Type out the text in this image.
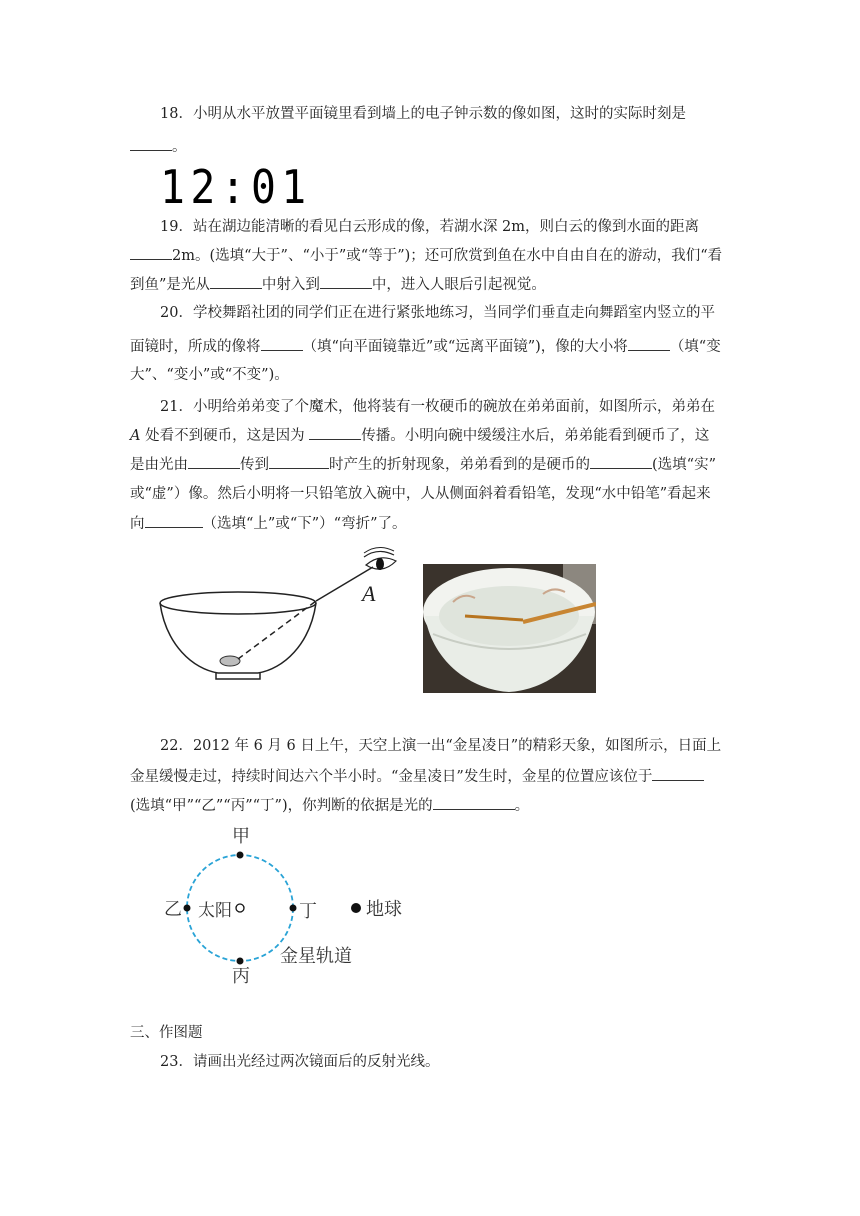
18．小明从水平放置平面镜里看到墙上的电子钟示数的像如图，这时的实际时刻是
。
12:01
19．站在湖边能清晰的看见白云形成的像，若湖水深 2m，则白云的像到水面的距离
2m。(选填“大于”、“小于”或“等于”)；还可欣赏到鱼在水中自由自在的游动，我们“看
到鱼”是光从	中射入到	中，进入人眼后引起视觉。
20．学校舞蹈社团的同学们正在进行紧张地练习，当同学们垂直走向舞蹈室内竖立的平
面镜时，所成的像将	（填“向平面镜靠近”或“远离平面镜”)，像的大小将	（填“变
大”、“变小”或“不变”)。
21．小明给弟弟变了个魔术，他将装有一枚硬币的碗放在弟弟面前，如图所示，弟弟在
A 处看不到硬币，这是因为	传播。小明向碗中缓缓注水后，弟弟能看到硬币了，这
是由光由	传到	时产生的折射现象，弟弟看到的是硬币的	(选填“实”
或“虚”）像。然后小明将一只铅笔放入碗中，人从侧面斜着看铅笔，发现“水中铅笔”看起来
向	（选填“上”或“下”）“弯折”了。
A
22．2012 年 6 月 6 日上午，天空上演一出“金星凌日”的精彩天象，如图所示，日面上
金星缓慢走过，持续时间达六个半小时。“金星凌日”发生时，金星的位置应该位于
(选填“甲”“乙”“丙”“丁”)，你判断的依据是光的	。
甲
乙 太阳	丁	地球
丙
金星轨道
三、作图题
23．请画出光经过两次镜面后的反射光线。
